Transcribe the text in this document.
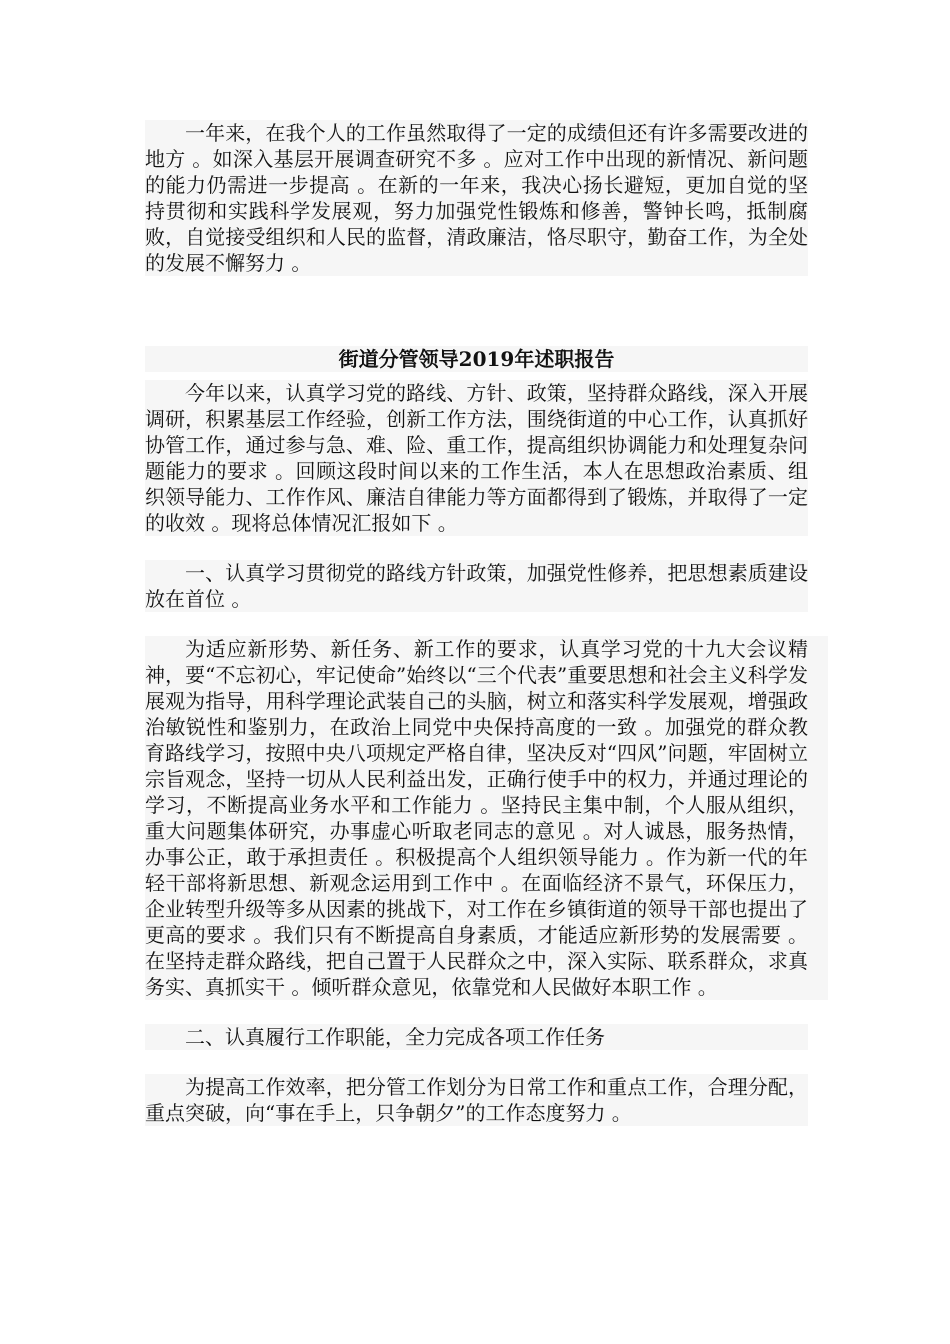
一年来，在我个人的工作虽然取得了一定的成绩但还有许多需要改进的地方 。如深入基层开展调查研究不多 。应对工作中出现的新情况、新问题的能力仍需进一步提高 。在新的一年来，我决心扬长避短，更加自觉的坚持贯彻和实践科学发展观，努力加强党性锻炼和修善，警钟长鸣，抵制腐败，自觉接受组织和人民的监督，清政廉洁，恪尽职守，勤奋工作，为全处的发展不懈努力 。

街道分管领导2019年述职报告

今年以来，认真学习党的路线、方针、政策，坚持群众路线，深入开展调研，积累基层工作经验，创新工作方法，围绕街道的中心工作，认真抓好协管工作，通过参与急、难、险、重工作，提高组织协调能力和处理复杂问题能力的要求 。回顾这段时间以来的工作生活，本人在思想政治素质、组织领导能力、工作作风、廉洁自律能力等方面都得到了锻炼，并取得了一定的收效 。现将总体情况汇报如下 。

一、认真学习贯彻党的路线方针政策，加强党性修养，把思想素质建设放在首位 。

为适应新形势、新任务、新工作的要求，认真学习党的十九大会议精神，要“不忘初心，牢记使命”始终以“三个代表”重要思想和社会主义科学发展观为指导，用科学理论武装自己的头脑，树立和落实科学发展观，增强政治敏锐性和鉴别力，在政治上同党中央保持高度的一致 。加强党的群众教育路线学习，按照中央八项规定严格自律，坚决反对“四风”问题，牢固树立宗旨观念，坚持一切从人民利益出发，正确行使手中的权力，并通过理论的学习，不断提高业务水平和工作能力 。坚持民主集中制，个人服从组织，重大问题集体研究，办事虚心听取老同志的意见 。对人诚恳，服务热情，办事公正，敢于承担责任 。积极提高个人组织领导能力 。作为新一代的年轻干部将新思想、新观念运用到工作中 。在面临经济不景气，环保压力，企业转型升级等多从因素的挑战下，对工作在乡镇街道的领导干部也提出了更高的要求 。我们只有不断提高自身素质，才能适应新形势的发展需要 。在坚持走群众路线，把自己置于人民群众之中，深入实际、联系群众，求真务实、真抓实干 。倾听群众意见，依靠党和人民做好本职工作 。

二、认真履行工作职能，全力完成各项工作任务

为提高工作效率，把分管工作划分为日常工作和重点工作，合理分配，重点突破，向“事在手上，只争朝夕”的工作态度努力 。
